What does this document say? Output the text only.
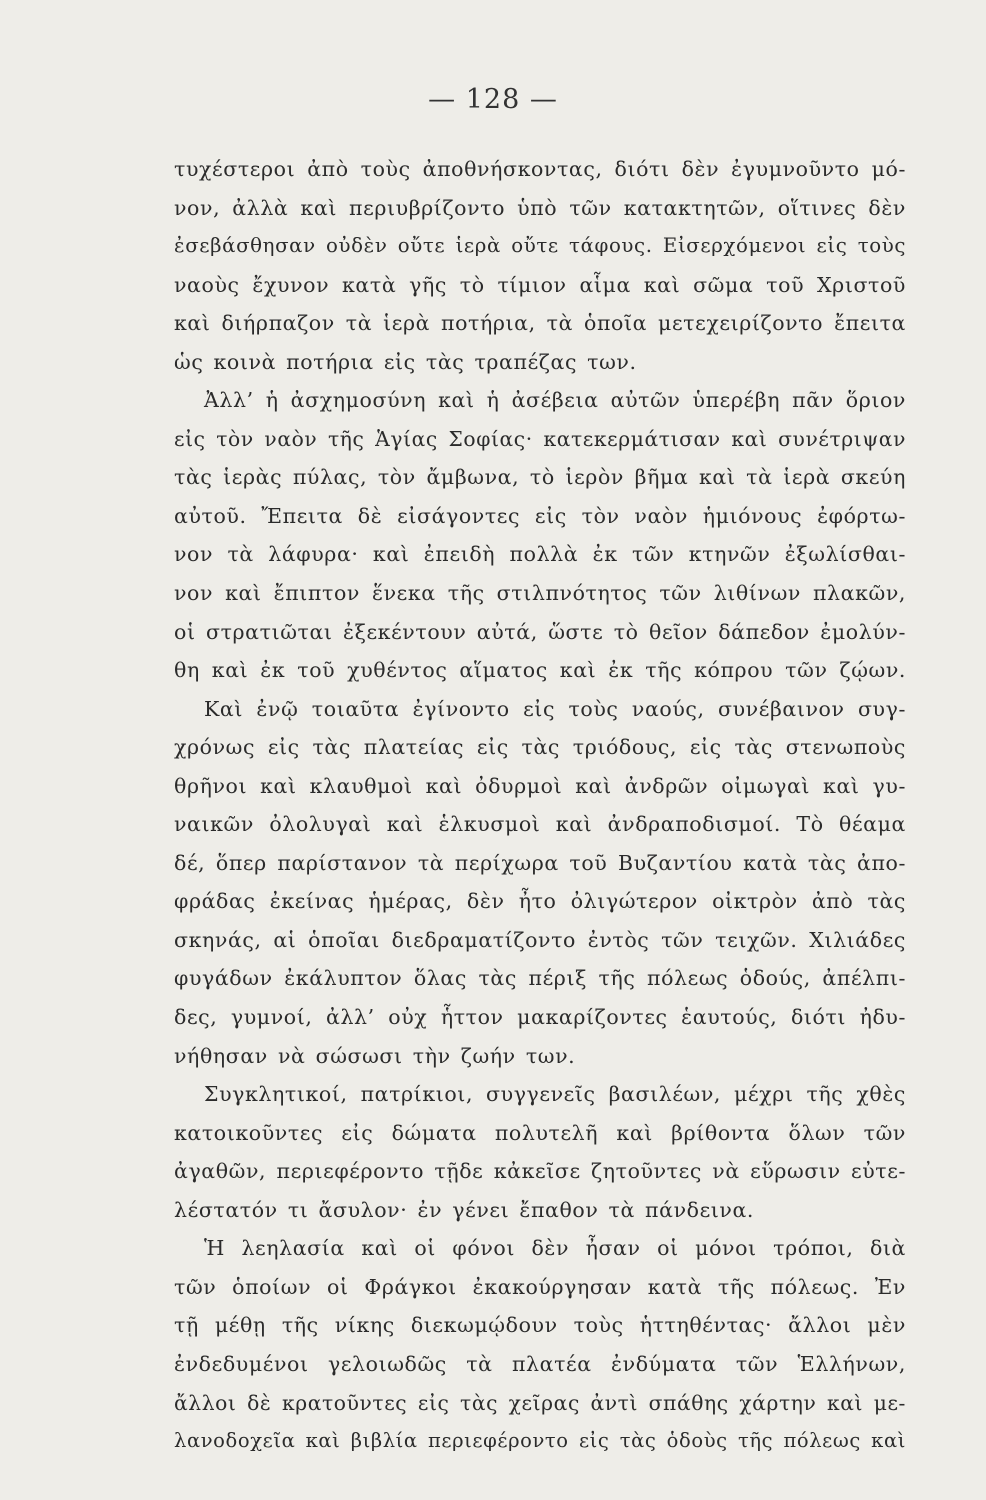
— 128 —
τυχέστεροι ἀπὸ τοὺς ἀποθνήσκοντας, διότι δὲν ἐγυμνοῦντο μό-
νον, ἀλλὰ καὶ περιυβρίζοντο ὑπὸ τῶν κατακτητῶν, οἵτινες δὲν
ἐσεβάσθησαν οὐδὲν οὔτε ἱερὰ οὔτε τάφους. Εἰσερχόμενοι εἰς τοὺς
ναοὺς ἔχυνον κατὰ γῆς τὸ τίμιον αἷμα καὶ σῶμα τοῦ Χριστοῦ
καὶ διήρπαζον τὰ ἱερὰ ποτήρια, τὰ ὁποῖα μετεχειρίζοντο ἔπειτα
ὡς κοινὰ ποτήρια εἰς τὰς τραπέζας των.
Ἀλλ’ ἡ ἀσχημοσύνη καὶ ἡ ἀσέβεια αὐτῶν ὑπερέβη πᾶν ὅριον
εἰς τὸν ναὸν τῆς Ἁγίας Σοφίας· κατεκερμάτισαν καὶ συνέτριψαν
τὰς ἱερὰς πύλας, τὸν ἄμβωνα, τὸ ἱερὸν βῆμα καὶ τὰ ἱερὰ σκεύη
αὐτοῦ. Ἔπειτα δὲ εἰσάγοντες εἰς τὸν ναὸν ἡμιόνους ἐφόρτω-
νον τὰ λάφυρα· καὶ ἐπειδὴ πολλὰ ἐκ τῶν κτηνῶν ἐξωλίσθαι-
νον καὶ ἔπιπτον ἕνεκα τῆς στιλπνότητος τῶν λιθίνων πλακῶν,
οἱ στρατιῶται ἐξεκέντουν αὐτά, ὥστε τὸ θεῖον δάπεδον ἐμολύν-
θη καὶ ἐκ τοῦ χυθέντος αἵματος καὶ ἐκ τῆς κόπρου τῶν ζῴων.
Καὶ ἐνῷ τοιαῦτα ἐγίνοντο εἰς τοὺς ναούς, συνέβαινον συγ-
χρόνως εἰς τὰς πλατείας εἰς τὰς τριόδους, εἰς τὰς στενωποὺς
θρῆνοι καὶ κλαυθμοὶ καὶ ὀδυρμοὶ καὶ ἀνδρῶν οἰμωγαὶ καὶ γυ-
ναικῶν ὀλολυγαὶ καὶ ἑλκυσμοὶ καὶ ἀνδραποδισμοί. Τὸ θέαμα
δέ, ὅπερ παρίστανον τὰ περίχωρα τοῦ Βυζαντίου κατὰ τὰς ἀπο-
φράδας ἐκείνας ἡμέρας, δὲν ἦτο ὀλιγώτερον οἰκτρὸν ἀπὸ τὰς
σκηνάς, αἱ ὁποῖαι διεδραματίζοντο ἐντὸς τῶν τειχῶν. Χιλιάδες
φυγάδων ἐκάλυπτον ὅλας τὰς πέριξ τῆς πόλεως ὁδούς, ἀπέλπι-
δες, γυμνοί, ἀλλ’ οὐχ ἧττον μακαρίζοντες ἑαυτούς, διότι ἠδυ-
νήθησαν νὰ σώσωσι τὴν ζωήν των.
Συγκλητικοί, πατρίκιοι, συγγενεῖς βασιλέων, μέχρι τῆς χθὲς
κατοικοῦντες εἰς δώματα πολυτελῆ καὶ βρίθοντα ὅλων τῶν
ἀγαθῶν, περιεφέροντο τῇδε κἀκεῖσε ζητοῦντες νὰ εὕρωσιν εὐτε-
λέστατόν τι ἄσυλον· ἐν γένει ἔπαθον τὰ πάνδεινα.
Ἡ λεηλασία καὶ οἱ φόνοι δὲν ἦσαν οἱ μόνοι τρόποι, διὰ
τῶν ὁποίων οἱ Φράγκοι ἐκακούργησαν κατὰ τῆς πόλεως. Ἐν
τῇ μέθῃ τῆς νίκης διεκωμῴδουν τοὺς ἡττηθέντας· ἄλλοι μὲν
ἐνδεδυμένοι γελοιωδῶς τὰ πλατέα ἐνδύματα τῶν Ἑλλήνων,
ἄλλοι δὲ κρατοῦντες εἰς τὰς χεῖρας ἀντὶ σπάθης χάρτην καὶ με-
λανοδοχεῖα καὶ βιβλία περιεφέροντο εἰς τὰς ὁδοὺς τῆς πόλεως καὶ
